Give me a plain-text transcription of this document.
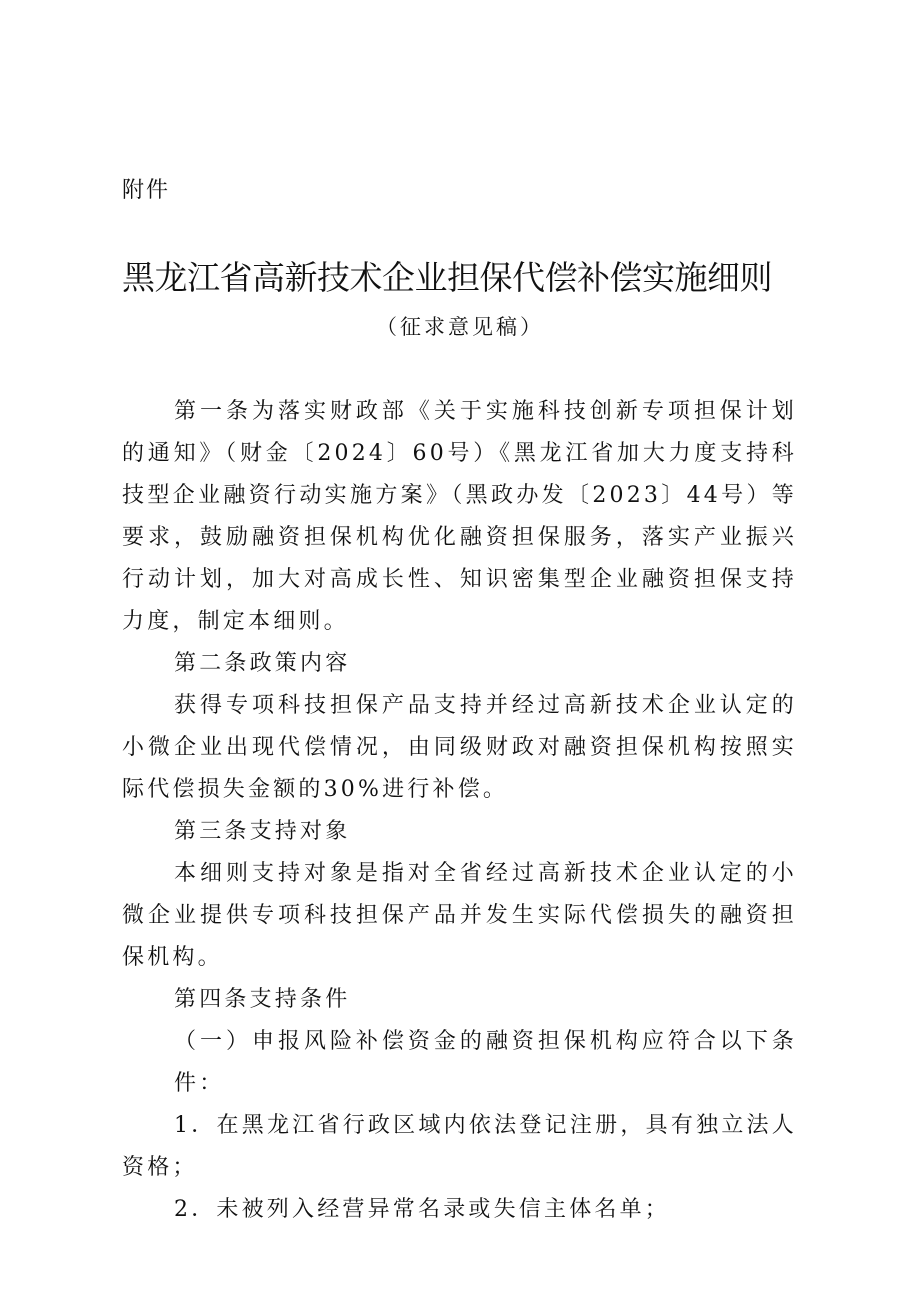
附件
黑龙江省高新技术企业担保代偿补偿实施细则
（征求意见稿）

第一条为落实财政部《关于实施科技创新专项担保计划的通知》（财金〔2024〕60号）《黑龙江省加大力度支持科技型企业融资行动实施方案》（黑政办发〔2023〕44号）等要求，鼓励融资担保机构优化融资担保服务，落实产业振兴行动计划，加大对高成长性、知识密集型企业融资担保支持力度，制定本细则。

第二条政策内容

获得专项科技担保产品支持并经过高新技术企业认定的小微企业出现代偿情况，由同级财政对融资担保机构按照实际代偿损失金额的30%进行补偿。

第三条支持对象

本细则支持对象是指对全省经过高新技术企业认定的小微企业提供专项科技担保产品并发生实际代偿损失的融资担保机构。

第四条支持条件

（一）申报风险补偿资金的融资担保机构应符合以下条件：

1．在黑龙江省行政区域内依法登记注册，具有独立法人资格；

2．未被列入经营异常名录或失信主体名单；
